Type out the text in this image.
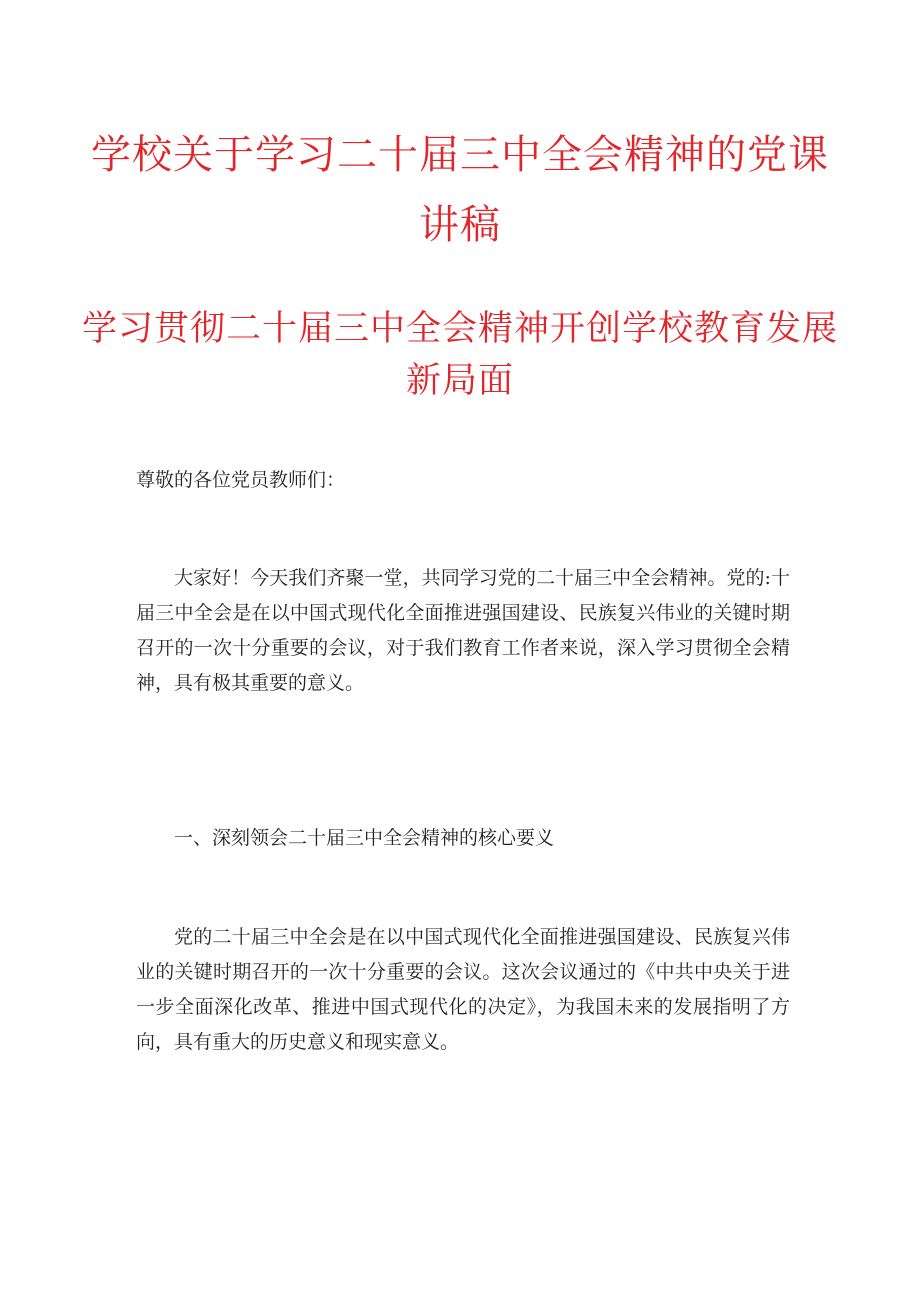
学校关于学习二十届三中全会精神的党课讲稿
学习贯彻二十届三中全会精神开创学校教育发展新局面
尊敬的各位党员教师们：
大家好！今天我们齐聚一堂，共同学习党的二十届三中全会精神。党的:十届三中全会是在以中国式现代化全面推进强国建设、民族复兴伟业的关键时期召开的一次十分重要的会议，对于我们教育工作者来说，深入学习贯彻全会精神，具有极其重要的意义。
一、深刻领会二十届三中全会精神的核心要义
党的二十届三中全会是在以中国式现代化全面推进强国建设、民族复兴伟业的关键时期召开的一次十分重要的会议。这次会议通过的《中共中央关于进一步全面深化改革、推进中国式现代化的决定》，为我国未来的发展指明了方向，具有重大的历史意义和现实意义。
